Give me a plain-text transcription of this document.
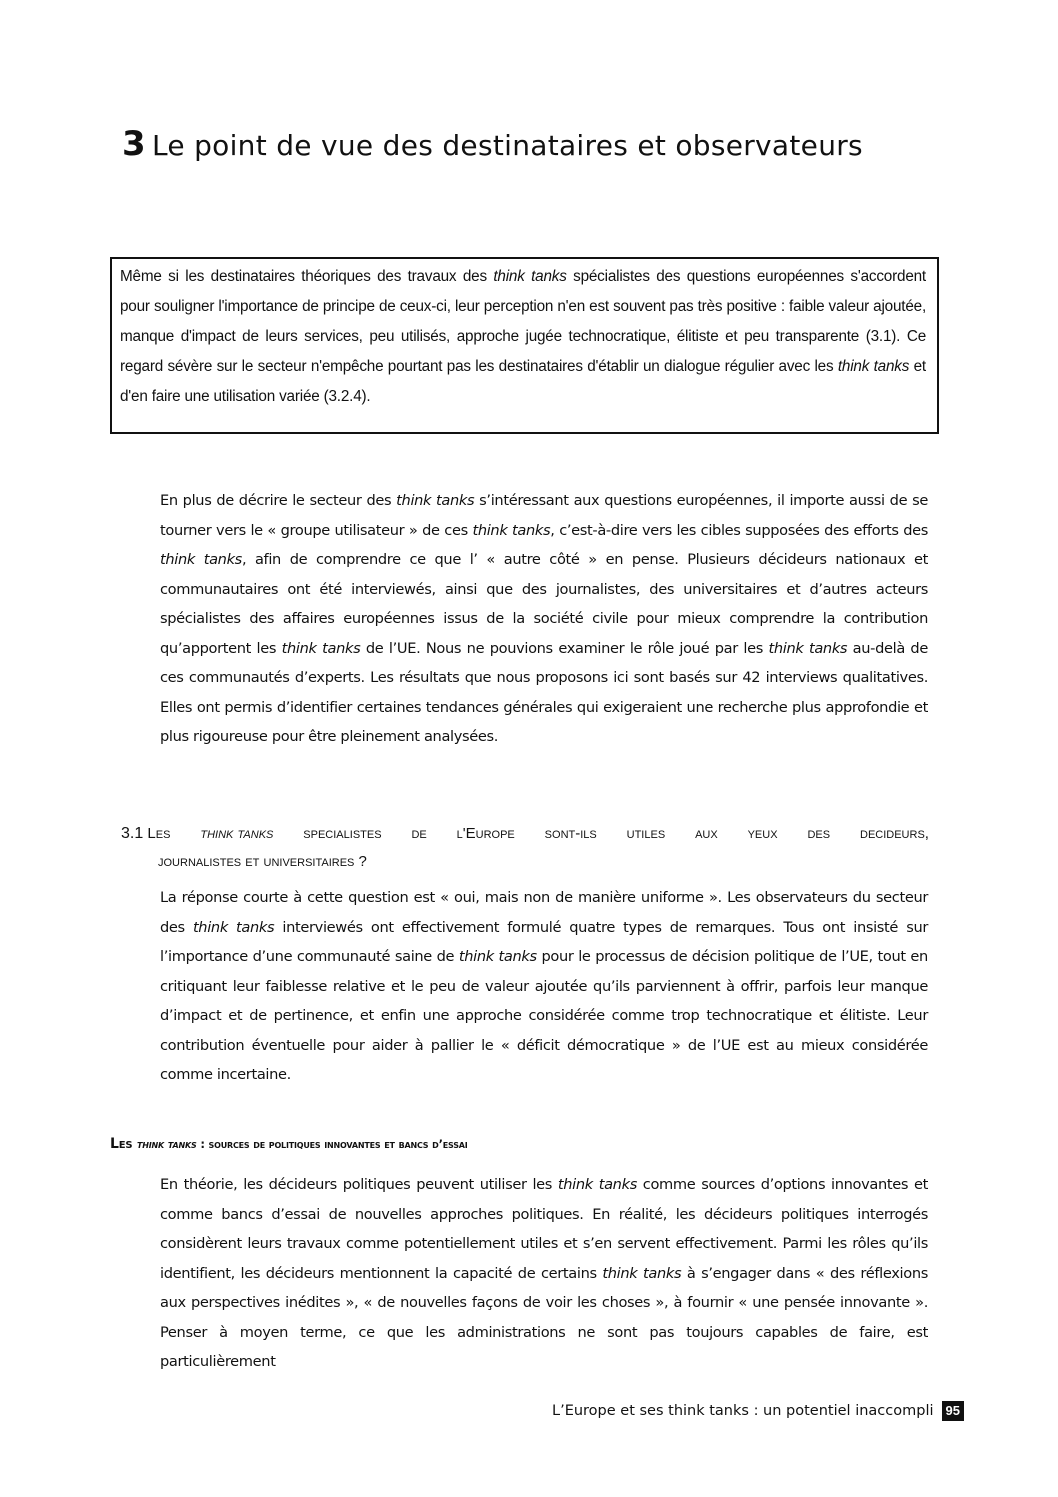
3 Le point de vue des destinataires et observateurs

Même si les destinataires théoriques des travaux des think tanks spécialistes des questions européennes s'accordent pour souligner l'importance de principe de ceux-ci, leur perception n'en est souvent pas très positive : faible valeur ajoutée, manque d'impact de leurs services, peu utilisés, approche jugée technocratique, élitiste et peu transparente (3.1). Ce regard sévère sur le secteur n'empêche pourtant pas les destinataires d'établir un dialogue régulier avec les think tanks et d'en faire une utilisation variée (3.2.4).

En plus de décrire le secteur des think tanks s’intéressant aux questions européennes, il importe aussi de se tourner vers le « groupe utilisateur » de ces think tanks, c’est-à-dire vers les cibles supposées des efforts des think tanks, afin de comprendre ce que l’ « autre côté » en pense. Plusieurs décideurs nationaux et communautaires ont été interviewés, ainsi que des journalistes, des universitaires et d’autres acteurs spécialistes des affaires européennes issus de la société civile pour mieux comprendre la contribution qu’apportent les think tanks de l’UE. Nous ne pouvions examiner le rôle joué par les think tanks au-delà de ces communautés d’experts. Les résultats que nous proposons ici sont basés sur 42 interviews qualitatives. Elles ont permis d’identifier certaines tendances générales qui exigeraient une recherche plus approfondie et plus rigoureuse pour être pleinement analysées.

3.1 Les think tanks specialistes de l'Europe sont-ils utiles aux yeux des decideurs,
journalistes et universitaires ?

La réponse courte à cette question est « oui, mais non de manière uniforme ». Les observateurs du secteur des think tanks interviewés ont effectivement formulé quatre types de remarques. Tous ont insisté sur l’importance d’une communauté saine de think tanks pour le processus de décision politique de l’UE, tout en critiquant leur faiblesse relative et le peu de valeur ajoutée qu’ils parviennent à offrir, parfois leur manque d’impact et de pertinence, et enfin une approche considérée comme trop technocratique et élitiste. Leur contribution éventuelle pour aider à pallier le « déficit démocratique » de l’UE est au mieux considérée comme incertaine.

Les think tanks : sources de politiques innovantes et bancs d’essai

En théorie, les décideurs politiques peuvent utiliser les think tanks comme sources d’options innovantes et comme bancs d’essai de nouvelles approches politiques. En réalité, les décideurs politiques interrogés considèrent leurs travaux comme potentiellement utiles et s’en servent effectivement. Parmi les rôles qu’ils identifient, les décideurs mentionnent la capacité de certains think tanks à s’engager dans « des réflexions aux perspectives inédites », « de nouvelles façons de voir les choses », à fournir « une pensée innovante ». Penser à moyen terme, ce que les administrations ne sont pas toujours capables de faire, est particulièrement

L’Europe et ses think tanks : un potentiel inaccompli 95
